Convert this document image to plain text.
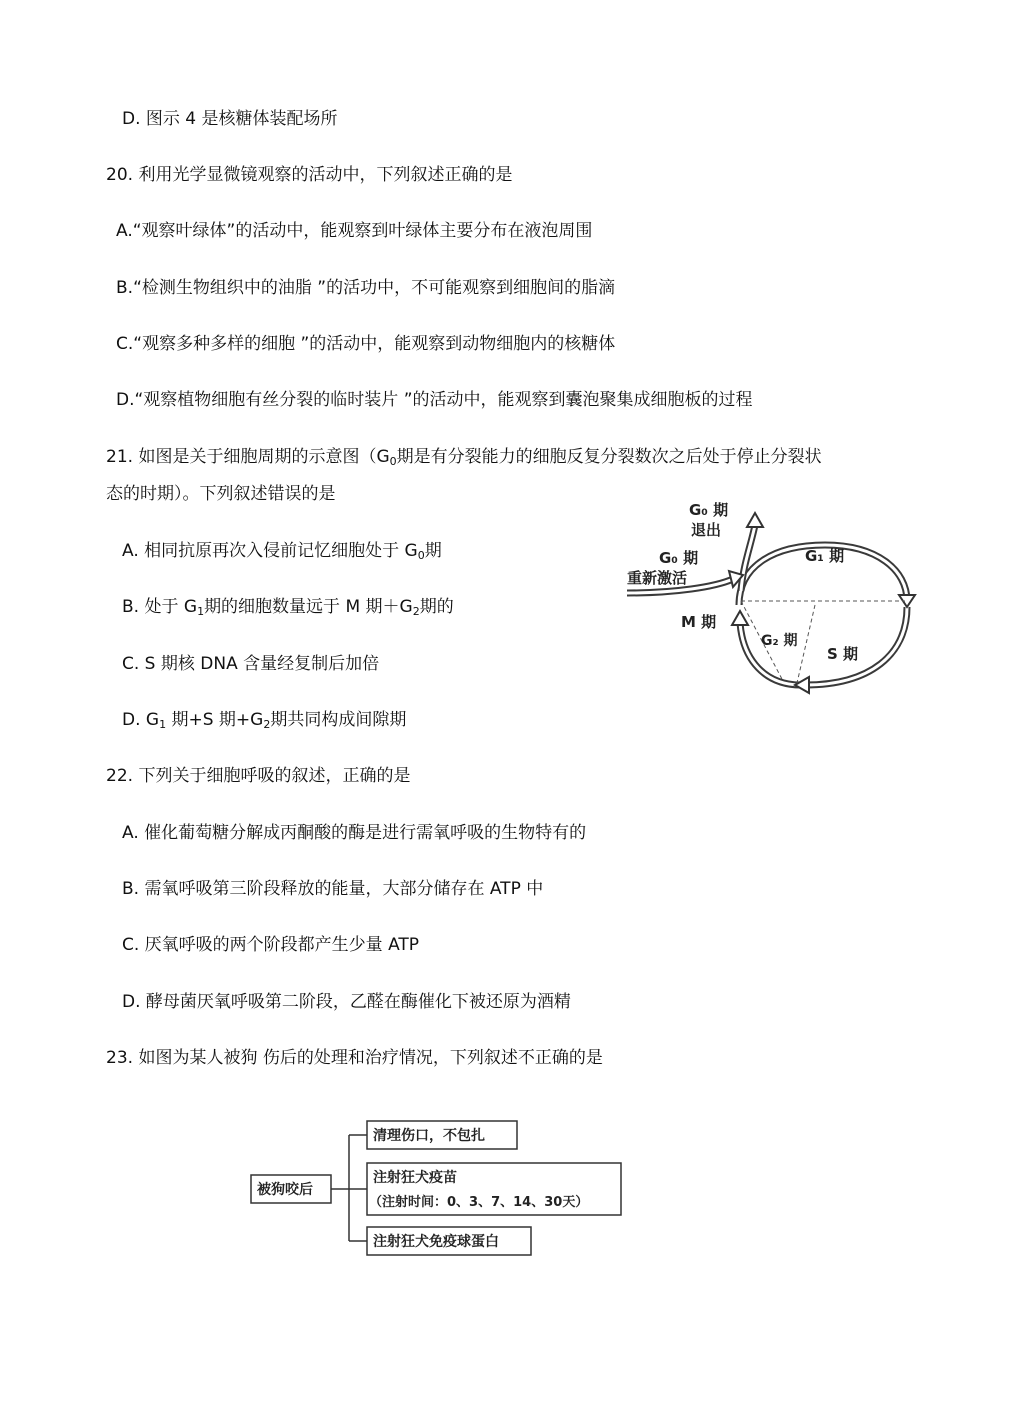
D. 图示 4 是核糖体装配场所
20. 利用光学显微镜观察的活动中，下列叙述正确的是
A.“观察叶绿体”的活动中，能观察到叶绿体主要分布在液泡周围
B.“检测生物组织中的油脂 ”的活功中，不可能观察到细胞间的脂滴
C.“观察多种多样的细胞 ”的活动中，能观察到动物细胞内的核糖体
D.“观察植物细胞有丝分裂的临时装片 ”的活动中，能观察到囊泡聚集成细胞板的过程
21. 如图是关于细胞周期的示意图（$G_0$期是有分裂能力的细胞反复分裂数次之后处于停止分裂状
态的时期）。下列叙述错误的是
A. 相同抗原再次入侵前记忆细胞处于 $G_0$期
B. 处于 $G_1$期的细胞数量远于 M 期$+G_2$期的
C. S 期核 DNA 含量经复制后加倍
D. $G_1$ 期+S 期$+G_2$期共同构成间隙期
G₀ 期
退出
G₀ 期
重新激活
G₁ 期
M 期
G₂ 期
S 期
22. 下列关于细胞呼吸的叙述，正确的是
A. 催化葡萄糖分解成丙酮酸的酶是进行需氧呼吸的生物特有的
B. 需氧呼吸第三阶段释放的能量，大部分储存在 ATP 中
C. 厌氧呼吸的两个阶段都产生少量 ATP
D. 酵母菌厌氧呼吸第二阶段，乙醛在酶催化下被还原为酒精
23. 如图为某人被狗 伤后的处理和治疗情况，下列叙述不正确的是
被狗咬后
清理伤口，不包扎
注射狂犬疫苗
（注射时间：0、3、7、14、30天）
注射狂犬免疫球蛋白
